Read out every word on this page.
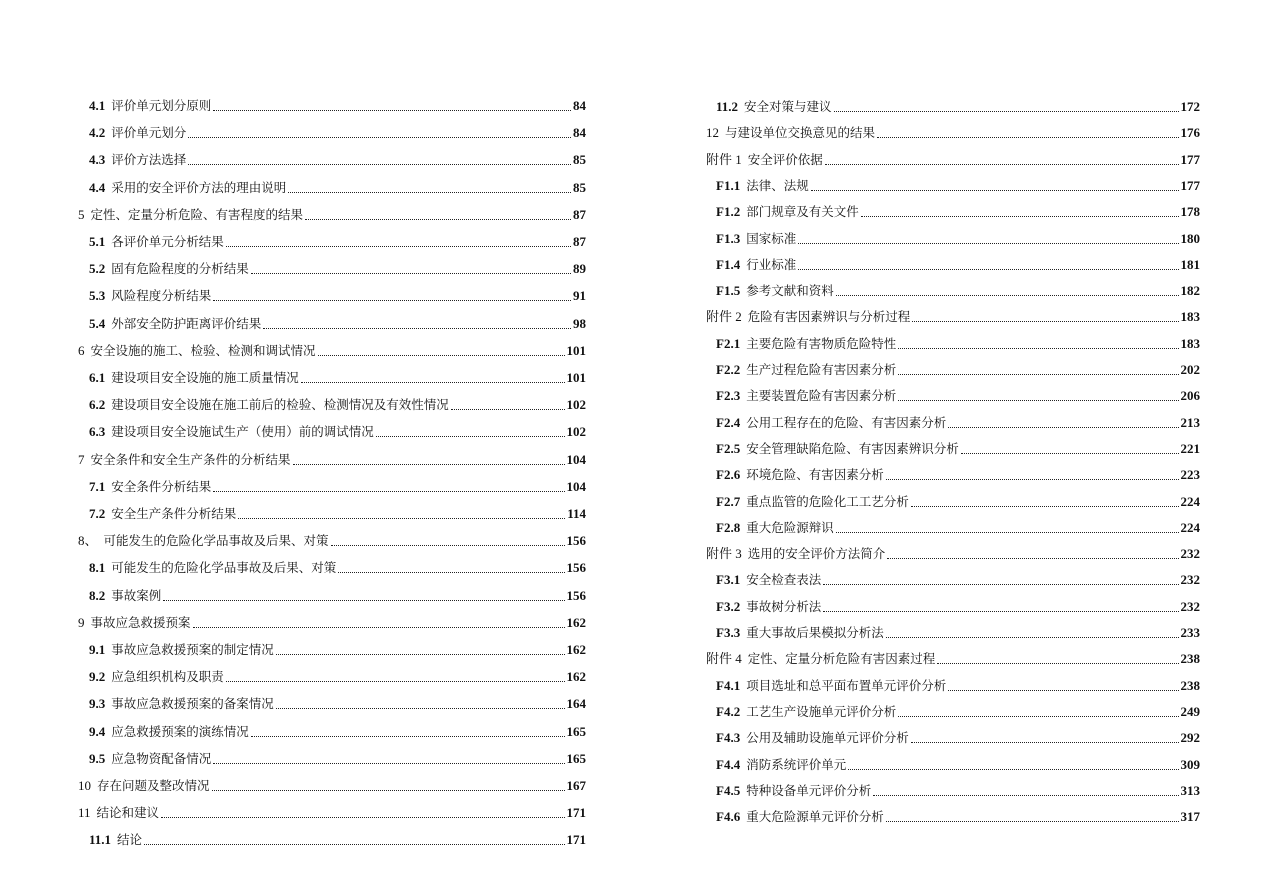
4.1 评价单元划分原则	84
4.2 评价单元划分	84
4.3 评价方法选择	85
4.4 采用的安全评价方法的理由说明	85
5 定性、定量分析危险、有害程度的结果	87
5.1 各评价单元分析结果	87
5.2 固有危险程度的分析结果	89
5.3 风险程度分析结果	91
5.4 外部安全防护距离评价结果	98
6 安全设施的施工、检验、检测和调试情况	101
6.1 建设项目安全设施的施工质量情况	101
6.2 建设项目安全设施在施工前后的检验、检测情况及有效性情况	102
6.3 建设项目安全设施试生产（使用）前的调试情况	102
7 安全条件和安全生产条件的分析结果	104
7.1 安全条件分析结果	104
7.2 安全生产条件分析结果	114
8、 可能发生的危险化学品事故及后果、对策	156
8.1 可能发生的危险化学品事故及后果、对策	156
8.2 事故案例	156
9 事故应急救援预案	162
9.1 事故应急救援预案的制定情况	162
9.2 应急组织机构及职责	162
9.3 事故应急救援预案的备案情况	164
9.4 应急救援预案的演练情况	165
9.5 应急物资配备情况	165
10 存在问题及整改情况	167
11 结论和建议	171
11.1 结论	171
11.2 安全对策与建议	172
12 与建设单位交换意见的结果	176
附件 1 安全评价依据	177
F1.1 法律、法规	177
F1.2 部门规章及有关文件	178
F1.3 国家标准	180
F1.4 行业标准	181
F1.5 参考文献和资料	182
附件 2 危险有害因素辨识与分析过程	183
F2.1 主要危险有害物质危险特性	183
F2.2 生产过程危险有害因素分析	202
F2.3 主要装置危险有害因素分析	206
F2.4 公用工程存在的危险、有害因素分析	213
F2.5 安全管理缺陷危险、有害因素辨识分析	221
F2.6 环境危险、有害因素分析	223
F2.7 重点监管的危险化工工艺分析	224
F2.8 重大危险源辩识	224
附件 3 选用的安全评价方法简介	232
F3.1 安全检查表法	232
F3.2 事故树分析法	232
F3.3 重大事故后果模拟分析法	233
附件 4 定性、定量分析危险有害因素过程	238
F4.1 项目选址和总平面布置单元评价分析	238
F4.2 工艺生产设施单元评价分析	249
F4.3 公用及辅助设施单元评价分析	292
F4.4 消防系统评价单元	309
F4.5 特种设备单元评价分析	313
F4.6 重大危险源单元评价分析	317
